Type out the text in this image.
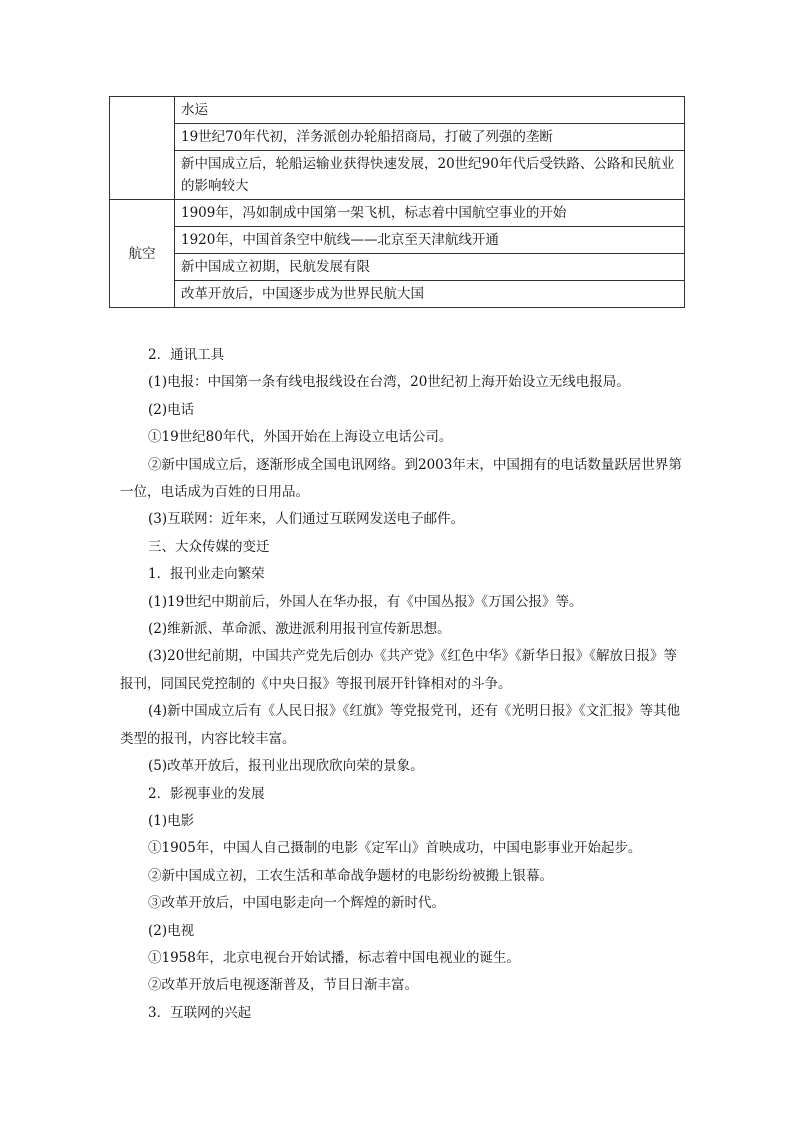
	水运
	19世纪70年代初，洋务派创办轮船招商局，打破了列强的垄断
	新中国成立后，轮船运输业获得快速发展，20世纪90年代后受铁路、公路和民航业的影响较大
航空	1909年，冯如制成中国第一架飞机，标志着中国航空事业的开始
	1920年，中国首条空中航线——北京至天津航线开通
	新中国成立初期，民航发展有限
	改革开放后，中国逐步成为世界民航大国

2．通讯工具

(1)电报：中国第一条有线电报线设在台湾，20世纪初上海开始设立无线电报局。

(2)电话

①19世纪80年代，外国开始在上海设立电话公司。

②新中国成立后，逐渐形成全国电讯网络。到2003年末，中国拥有的电话数量跃居世界第一位，电话成为百姓的日用品。

(3)互联网：近年来，人们通过互联网发送电子邮件。

三、大众传媒的变迁

1．报刊业走向繁荣

(1)19世纪中期前后，外国人在华办报，有《中国丛报》《万国公报》等。

(2)维新派、革命派、激进派利用报刊宣传新思想。

(3)20世纪前期，中国共产党先后创办《共产党》《红色中华》《新华日报》《解放日报》等报刊，同国民党控制的《中央日报》等报刊展开针锋相对的斗争。

(4)新中国成立后有《人民日报》《红旗》等党报党刊，还有《光明日报》《文汇报》等其他类型的报刊，内容比较丰富。

(5)改革开放后，报刊业出现欣欣向荣的景象。

2．影视事业的发展

(1)电影

①1905年，中国人自己摄制的电影《定军山》首映成功，中国电影事业开始起步。

②新中国成立初，工农生活和革命战争题材的电影纷纷被搬上银幕。

③改革开放后，中国电影走向一个辉煌的新时代。

(2)电视

①1958年，北京电视台开始试播，标志着中国电视业的诞生。

②改革开放后电视逐渐普及，节目日渐丰富。

3．互联网的兴起
